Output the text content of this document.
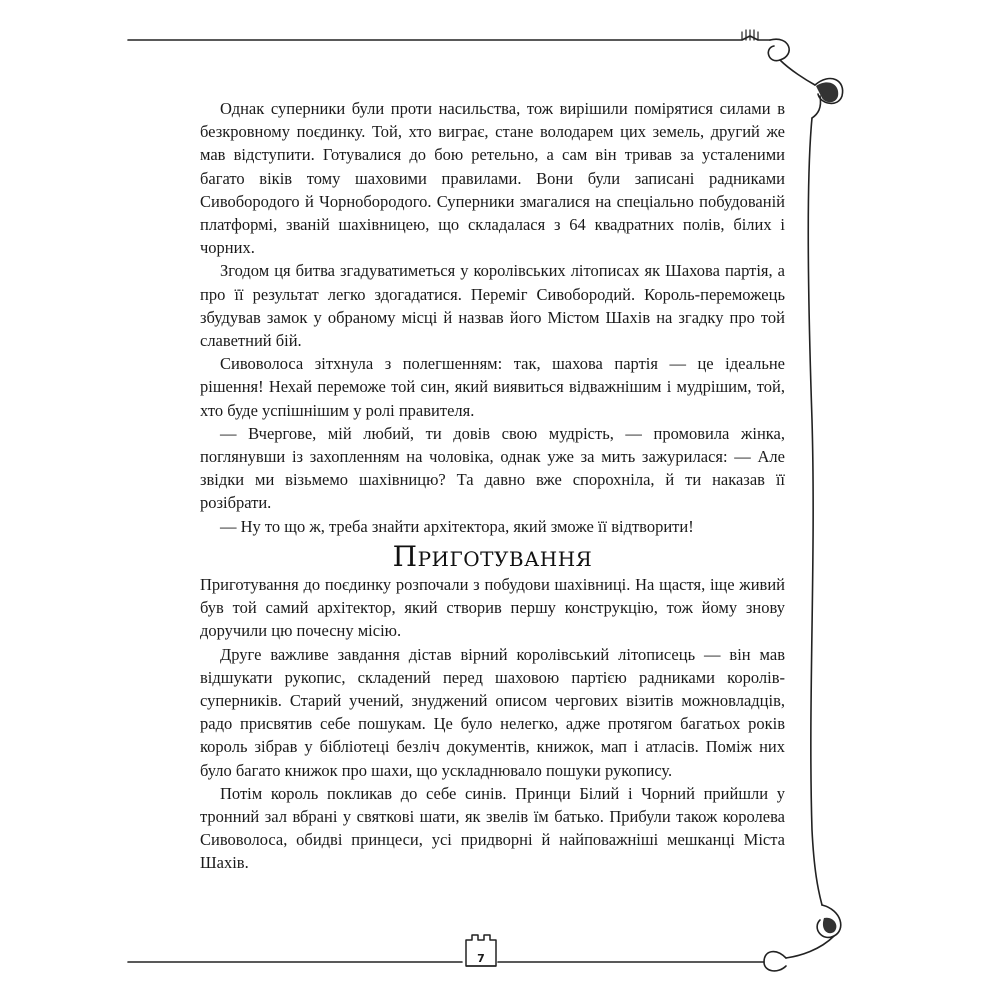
Однак суперники були проти насильства, тож вирішили помірятися силами в безкровному поєдинку. Той, хто виграє, стане володарем цих земель, другий же мав відступити. Готувалися до бою ретельно, а сам він тривав за усталеними багато віків тому шаховими правилами. Вони були записані радниками Сивобородого й Чорнобородого. Суперники змагалися на спеціально побудованій платформі, званій шахівницею, що складалася з 64 квадратних полів, білих і чорних.

Згодом ця битва згадуватиметься у королівських літописах як Шахова партія, а про її результат легко здогадатися. Переміг Сивобородий. Король-переможець збудував замок у обраному місці й назвав його Містом Шахів на згадку про той славетний бій.

Сивоволоса зітхнула з полегшенням: так, шахова партія — це ідеальне рішення! Нехай переможе той син, який виявиться відважнішим і мудрішим, той, хто буде успішнішим у ролі правителя.

— Вчергове, мій любий, ти довів свою мудрість, — промовила жінка, поглянувши із захопленням на чоловіка, однак уже за мить зажурилася: — Але звідки ми візьмемо шахівницю? Та давно вже спорохніла, й ти наказав її розібрати.

— Ну то що ж, треба знайти архітектора, який зможе її відтворити!

Приготування

Приготування до поєдинку розпочали з побудови шахівниці. На щастя, іще живий був той самий архітектор, який створив першу конструкцію, тож йому знову доручили цю почесну місію.

Друге важливе завдання дістав вірний королівський літописець — він мав відшукати рукопис, складений перед шаховою партією радниками королів-суперників. Старий учений, знуджений описом чергових візитів можновладців, радо присвятив себе пошукам. Це було нелегко, адже протягом багатьох років король зібрав у бібліотеці безліч документів, книжок, мап і атласів. Поміж них було багато книжок про шахи, що ускладнювало пошуки рукопису.

Потім король покликав до себе синів. Принци Білий і Чорний прийшли у тронний зал вбрані у святкові шати, як звелів їм батько. Прибули також королева Сивоволоса, обидві принцеси, усі придворні й найповажніші мешканці Міста Шахів.

7
